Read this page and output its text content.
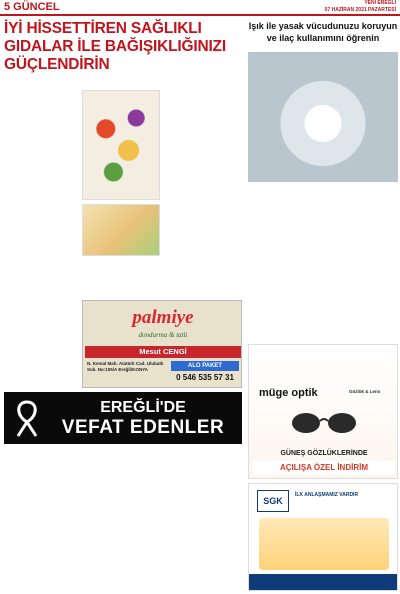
5 GÜNCEL	YENİ EREĞLİ
07 HAZİRAN 2021 PAZARTESİ
İYİ HİSSETTİREN SAĞLIKLI GIDALAR İLE BAĞIŞIKLIĞINIZI GÜÇLENDİRİN
Işık ile yasak vücudunuzu koruyun ve ilaç kullanımını öğrenin
palmiye
dondurma & tatlı
Mesut CENGİ
N. Kemal Mah. Atatürk Cad. Ulubatlı Sok. No:105/A Ereğli/KONYA
ALO PAKET
0 546 535 57 31
EREĞLİ'DE
VEFAT EDENLER
müge optik	Gözlük & Lens
GÜNEŞ GÖZLÜKLERİNDE
AÇILIŞA ÖZEL İNDİRİM
SGK
İLK ANLAŞMAMIZ VARDIR
